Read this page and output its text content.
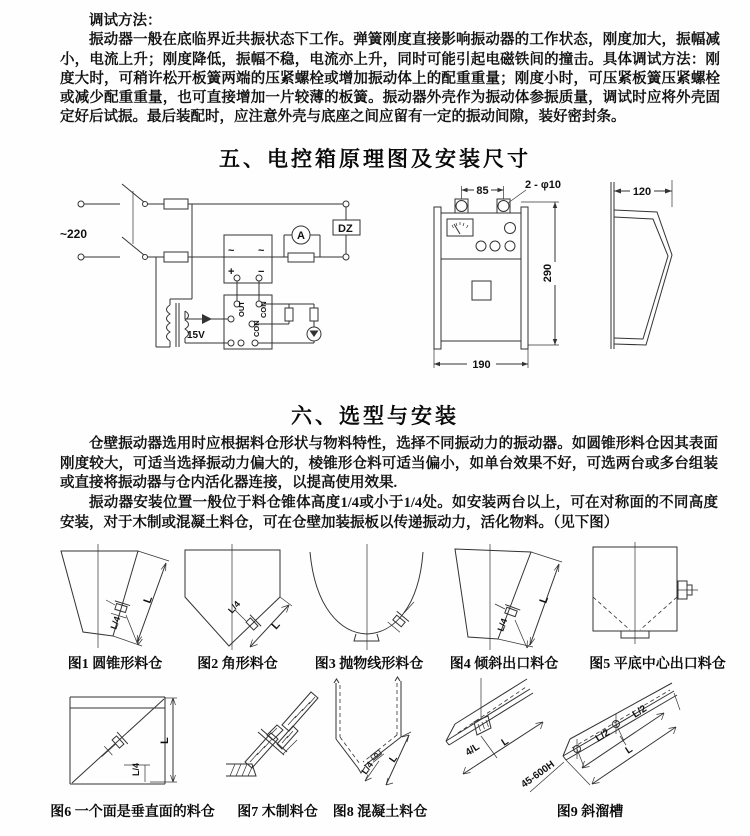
调试方法：

振动器一般在底临界近共振状态下工作。弹簧刚度直接影响振动器的工作状态，刚度加大，振幅减小，电流上升；刚度降低，振幅不稳，电流亦上升，同时可能引起电磁铁间的撞击。具体调试方法：刚度大时，可稍许松开板簧两端的压紧螺栓或增加振动体上的配重重量；刚度小时，可压紧板簧压紧螺栓或减少配重重量，也可直接增加一片较薄的板簧。振动器外壳作为振动体参振质量，调试时应将外壳固定好后试振。最后装配时，应注意外壳与底座之间应留有一定的振动间隙，装好密封条。

五、电控箱原理图及安装尺寸
~220
15V
~ ~
+ −
OUT CON
CON
A
DZ
85	2 - φ10
190
290
120
六、选型与安装

仓壁振动器选用时应根据料仓形状与物料特性，选择不同振动力的振动器。如圆锥形料仓因其表面刚度较大，可适当选择振动力偏大的，棱锥形仓料可适当偏小，如单台效果不好，可选两台或多台组装或直接将振动器与仓内活化器连接，以提高使用效果.

振动器安装位置一般位于料仓锥体高度1/4或小于1/4处。如安装两台以上，可在对称面的不同高度安装，对于木制或混凝土料仓，可在仓壁加装振板以传递振动力，活化物料。（见下图）

L
L/4
图1 圆锥形料仓
L
L/4
图2 角形料仓	图3 抛物线形料仓
L
L/4
图4 倾斜出口料仓 图5 平底中心出口料仓
L
L/4
图6 一个面是垂直面的料仓 图7 木制料仓
L
L/4
图8 混凝土料仓
4/L L	L/2
L/2
L
45-600H
图9 斜溜槽
